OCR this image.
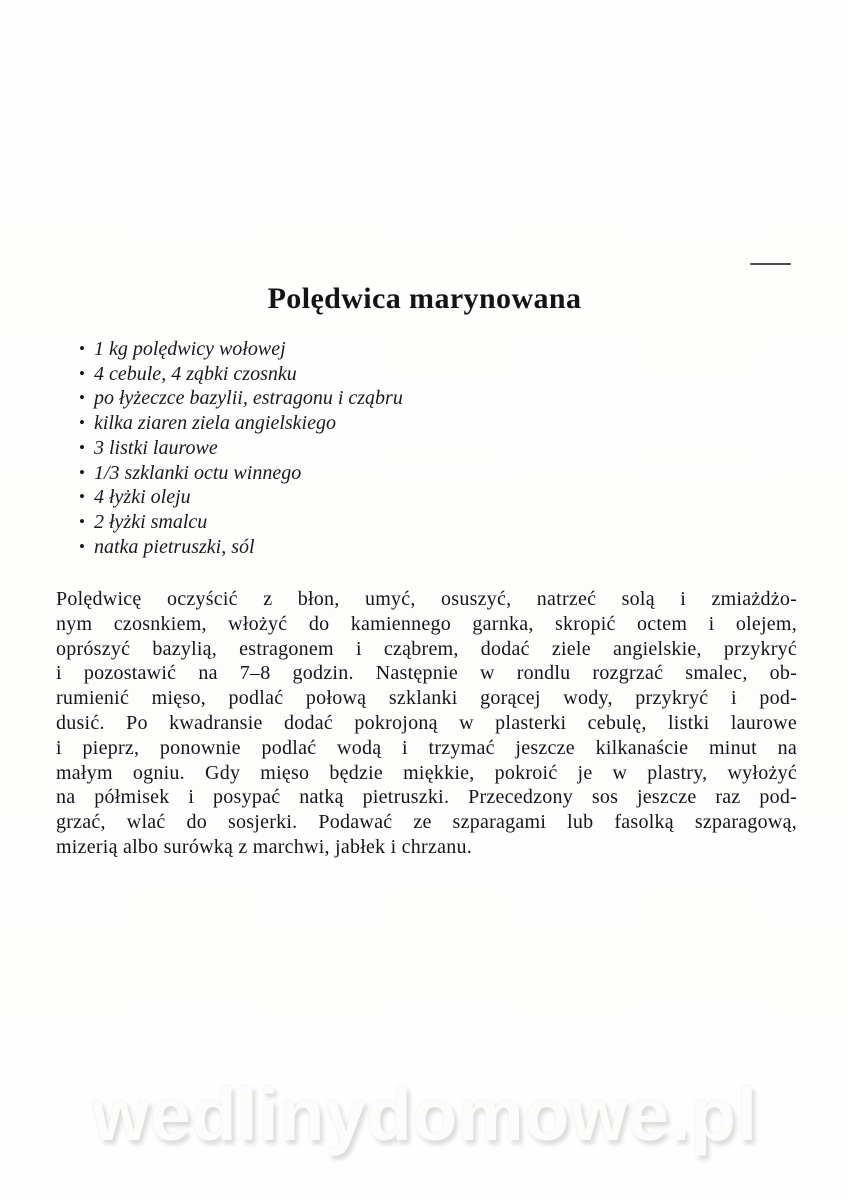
Polędwica marynowana
• 1 kg polędwicy wołowej
• 4 cebule, 4 ząbki czosnku
• po łyżeczce bazylii, estragonu i cząbru
• kilka ziaren ziela angielskiego
• 3 listki laurowe
• 1/3 szklanki octu winnego
• 4 łyżki oleju
• 2 łyżki smalcu
• natka pietruszki, sól
Polędwicę oczyścić z błon, umyć, osuszyć, natrzeć solą i zmiażdżo-
nym czosnkiem, włożyć do kamiennego garnka, skropić octem i olejem,
oprószyć bazylią, estragonem i cząbrem, dodać ziele angielskie, przykryć
i pozostawić na 7–8 godzin. Następnie w rondlu rozgrzać smalec, ob-
rumienić mięso, podlać połową szklanki gorącej wody, przykryć i pod-
dusić. Po kwadransie dodać pokrojoną w plasterki cebulę, listki laurowe
i pieprz, ponownie podlać wodą i trzymać jeszcze kilkanaście minut na
małym ogniu. Gdy mięso będzie miękkie, pokroić je w plastry, wyłożyć
na półmisek i posypać natką pietruszki. Przecedzony sos jeszcze raz pod-
grzać, wlać do sosjerki. Podawać ze szparagami lub fasolką szparagową,
mizerią albo surówką z marchwi, jabłek i chrzanu.
wedlinydomowe.pl
